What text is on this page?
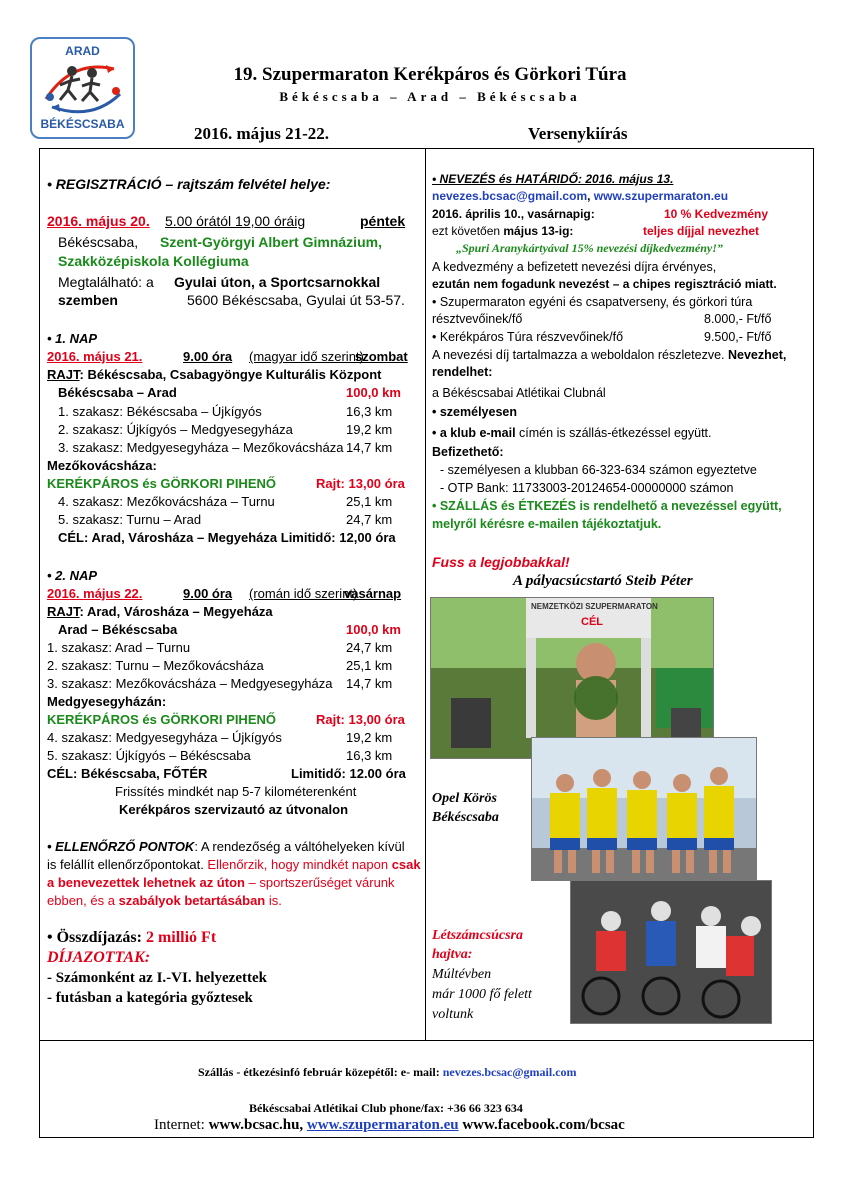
ARAD
BÉKÉSCSABA
19. Szupermaraton Kerékpáros és Görkori Túra
Békéscsaba – Arad – Békéscsaba
2016. május 21-22.	Versenykiírás
• REGISZTRÁCIÓ – rajtszám felvétel helye:
2016. május 20. 5.00 órától 19,00 óráig	péntek
Békéscsaba, Szent-Györgyi Albert Gimnázium,
Szakközépiskola Kollégiuma
Megtalálható: a Gyulai úton, a Sportcsarnokkal
szemben	5600 Békéscsaba, Gyulai út 53-57.
• 1. NAP
2016. május 21.	9.00 óra (magyar idő szerint)
szombat
RAJT: Békéscsaba, Csabagyöngye Kulturális Központ
Békéscsaba – Arad	100,0 km
1. szakasz: Békéscsaba – Újkígyós	16,3 km
2. szakasz: Újkígyós – Medgyesegyháza	19,2 km
3. szakasz: Medgyesegyháza – Mezőkovácsháza 14,7 km
Mezőkovácsháza:
KERÉKPÁROS és GÖRKORI PIHENŐ	Rajt: 13,00 óra
4. szakasz: Mezőkovácsháza – Turnu	25,1 km
5. szakasz: Turnu – Arad	24,7 km
CÉL: Arad, Városháza – Megyeháza Limitidő: 12,00 óra
• 2. NAP
2016. május 22.	9.00 óra (román idő szerint)
vasárnap
RAJT: Arad, Városháza – Megyeháza
Arad – Békéscsaba	100,0 km
1. szakasz: Arad – Turnu	24,7 km
2. szakasz: Turnu – Mezőkovácsháza	25,1 km
3. szakasz: Mezőkovácsháza – Medgyesegyháza 14,7 km
Medgyesegyházán:
KERÉKPÁROS és GÖRKORI PIHENŐ	Rajt: 13,00 óra
4. szakasz: Medgyesegyháza – Újkígyós	19,2 km
5. szakasz: Újkígyós – Békéscsaba	16,3 km
CÉL: Békéscsaba, FŐTÉR	Limitidő: 12.00 óra
Frissítés mindkét nap 5-7 kilométerenként
Kerékpáros szervizautó az útvonalon
• ELLENŐRZŐ PONTOK: A rendezőség a váltóhelyeken kívül
is felállít ellenőrzőpontokat. Ellenőrzik, hogy mindkét napon csak
a benevezettek lehetnek az úton – sportszerűséget várunk
ebben, és a szabályok betartásában is.
• Összdíjazás: 2 millió Ft
DÍJAZOTTAK:
- Számonként az I.-VI. helyezettek
- futásban a kategória győztesek
• NEVEZÉS és HATÁRIDŐ: 2016. május 13.
nevezes.bcsac@gmail.com, www.szupermaraton.eu
2016. április 10., vasárnapig:	10 % Kedvezmény
ezt követően május 13-ig:	teljes díjjal nevezhet
„Spuri Aranykártyával 15% nevezési díjkedvezmény!”
A kedvezmény a befizetett nevezési díjra érvényes,
ezután nem fogadunk nevezést – a chipes regisztráció miatt.
• Szupermaraton egyéni és csapatverseny, és görkori túra
résztvevőinek/fő	8.000,- Ft/fő
• Kerékpáros Túra részvevőinek/fő	9.500,- Ft/fő
A nevezési díj tartalmazza a weboldalon részletezve. Nevezhet,
rendelhet:
a Békéscsabai Atlétikai Clubnál
• személyesen
• a klub e-mail címén is szállás-étkezéssel együtt.
Befizethető:
- személyesen a klubban 66-323-634 számon egyeztetve
- OTP Bank: 11733003-20124654-00000000 számon
• SZÁLLÁS és ÉTKEZÉS is rendelhető a nevezéssel együtt,
melyről kérésre e-mailen tájékoztatjuk.
Fuss a legjobbakkal!
A pályacsúcstartó Steib Péter
NEMZETKÖZI SZUPERMARATON
CÉL
Opel Körös
Békéscsaba
Létszámcsúcsra
hajtva:
Múltévben
már 1000 fő felett
voltunk
Szállás - étkezésinfó február közepétől: e- mail: nevezes.bcsac@gmail.com
Békéscsabai Atlétikai Club phone/fax: +36 66 323 634
Internet: www.bcsac.hu, www.szupermaraton.eu www.facebook.com/bcsac
